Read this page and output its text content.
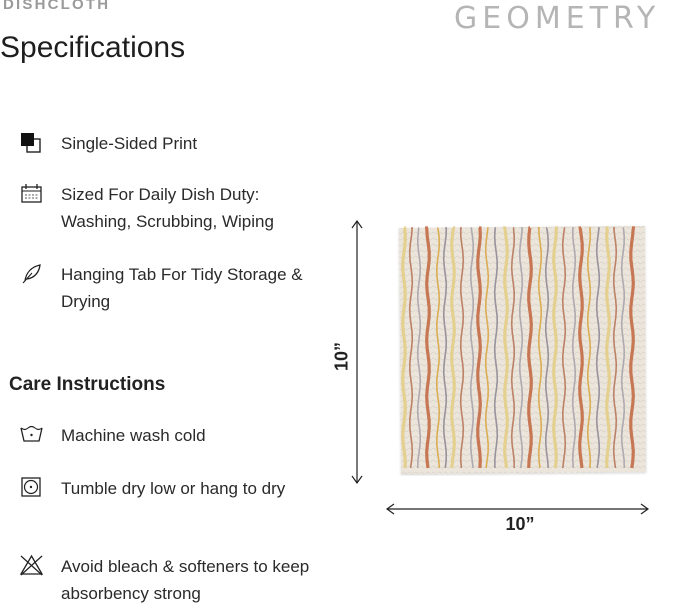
DISHCLOTH	GEOMETRY
Specifications
Single-Sided Print
Sized For Daily Dish Duty: Washing, Scrubbing, Wiping
Hanging Tab For Tidy Storage & Drying
Care Instructions
Machine wash cold
Tumble dry low or hang to dry
Avoid bleach & softeners to keep absorbency strong
10”
10”
